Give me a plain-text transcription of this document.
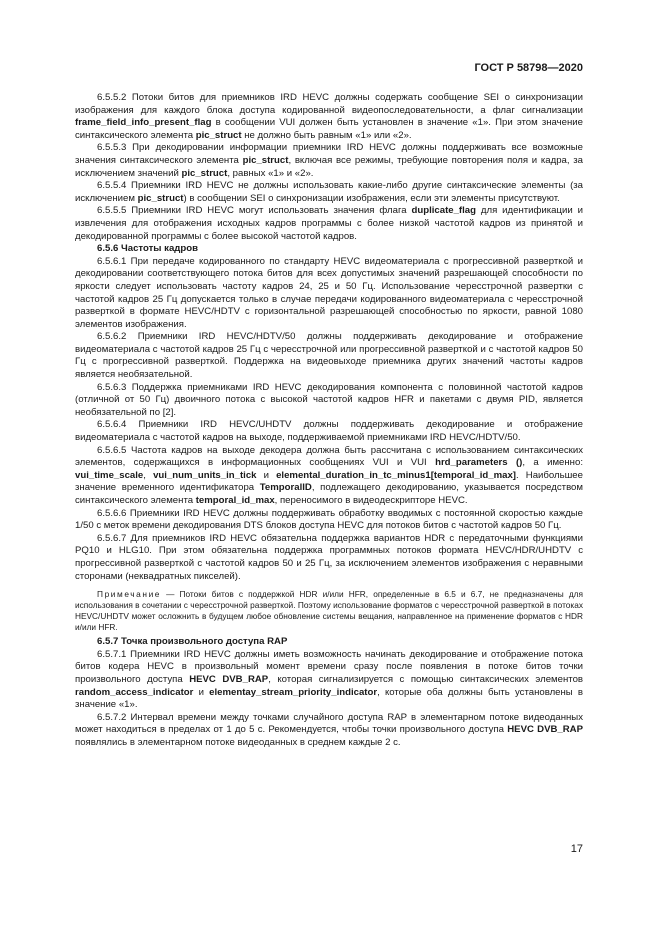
ГОСТ Р 58798—2020

6.5.5.2 Потоки битов для приемников IRD HEVC должны содержать сообщение SEI о синхронизации изображения для каждого блока доступа кодированной видеопоследовательности, а флаг сигнализации frame_field_info_present_flag в сообщении VUI должен быть установлен в значение «1». При этом значение синтаксического элемента pic_struct не должно быть равным «1» или «2».

6.5.5.3 При декодировании информации приемники IRD HEVC должны поддерживать все возможные значения синтаксического элемента pic_struct, включая все режимы, требующие повторения поля и кадра, за исключением значений pic_struct, равных «1» и «2».

6.5.5.4 Приемники IRD HEVC не должны использовать какие-либо другие синтаксические элементы (за исключением pic_struct) в сообщении SEI о синхронизации изображения, если эти элементы присутствуют.

6.5.5.5 Приемники IRD HEVC могут использовать значения флага duplicate_flag для идентификации и извлечения для отображения исходных кадров программы с более низкой частотой кадров из принятой и декодированной программы с более высокой частотой кадров.

6.5.6 Частоты кадров

6.5.6.1 При передаче кодированного по стандарту HEVC видеоматериала с прогрессивной разверткой и декодировании соответствующего потока битов для всех допустимых значений разрешающей способности по яркости следует использовать частоту кадров 24, 25 и 50 Гц. Использование чересстрочной развертки с частотой кадров 25 Гц допускается только в случае передачи кодированного видеоматериала с чересстрочной разверткой в формате HEVC/HDTV с горизонтальной разрешающей способностью по яркости, равной 1080 элементов изображения.

6.5.6.2 Приемники IRD HEVC/HDTV/50 должны поддерживать декодирование и отображение видеоматериала с частотой кадров 25 Гц с чересстрочной или прогрессивной разверткой и с частотой кадров 50 Гц с прогрессивной разверткой. Поддержка на видеовыходе приемника других значений частоты кадров является необязательной.

6.5.6.3 Поддержка приемниками IRD HEVC декодирования компонента с половинной частотой кадров (отличной от 50 Гц) двоичного потока с высокой частотой кадров HFR и пакетами с двумя PID, является необязательной по [2].

6.5.6.4 Приемники IRD HEVC/UHDTV должны поддерживать декодирование и отображение видеоматериала с частотой кадров на выходе, поддерживаемой приемниками IRD HEVC/HDTV/50.

6.5.6.5 Частота кадров на выходе декодера должна быть рассчитана с использованием синтаксических элементов, содержащихся в информационных сообщениях VUI и VUI hrd_parameters (), а именно: vui_time_scale, vui_num_units_in_tick и elemental_duration_in_tc_minus1[temporal_id_max]. Наибольшее значение временного идентификатора TemporalID, подлежащего декодированию, указывается посредством синтаксического элемента temporal_id_max, переносимого в видеодескрипторе HEVC.

6.5.6.6 Приемники IRD HEVC должны поддерживать обработку вводимых с постоянной скоростью каждые 1/50 с меток времени декодирования DTS блоков доступа HEVC для потоков битов с частотой кадров 50 Гц.

6.5.6.7 Для приемников IRD HEVC обязательна поддержка вариантов HDR с передаточными функциями PQ10 и HLG10. При этом обязательна поддержка программных потоков формата HEVC/HDR/UHDTV с прогрессивной разверткой с частотой кадров 50 и 25 Гц, за исключением элементов изображения с неравными сторонами (неквадратных пикселей).

Примечание — Потоки битов с поддержкой HDR и/или HFR, определенные в 6.5 и 6.7, не предназначены для использования в сочетании с чересстрочной разверткой. Поэтому использование форматов с чересстрочной разверткой в потоках HEVC/UHDTV может осложнить в будущем любое обновление системы вещания, направленное на применение форматов с HDR и/или HFR.

6.5.7 Точка произвольного доступа RAP

6.5.7.1 Приемники IRD HEVC должны иметь возможность начинать декодирование и отображение потока битов кодера HEVC в произвольный момент времени сразу после появления в потоке битов точки произвольного доступа HEVC DVB_RAP, которая сигнализируется с помощью синтаксических элементов random_access_indicator и elementay_stream_priority_indicator, которые оба должны быть установлены в значение «1».

6.5.7.2 Интервал времени между точками случайного доступа RAP в элементарном потоке видеоданных может находиться в пределах от 1 до 5 с. Рекомендуется, чтобы точки произвольного доступа HEVC DVB_RAP появлялись в элементарном потоке видеоданных в среднем каждые 2 с.

17
